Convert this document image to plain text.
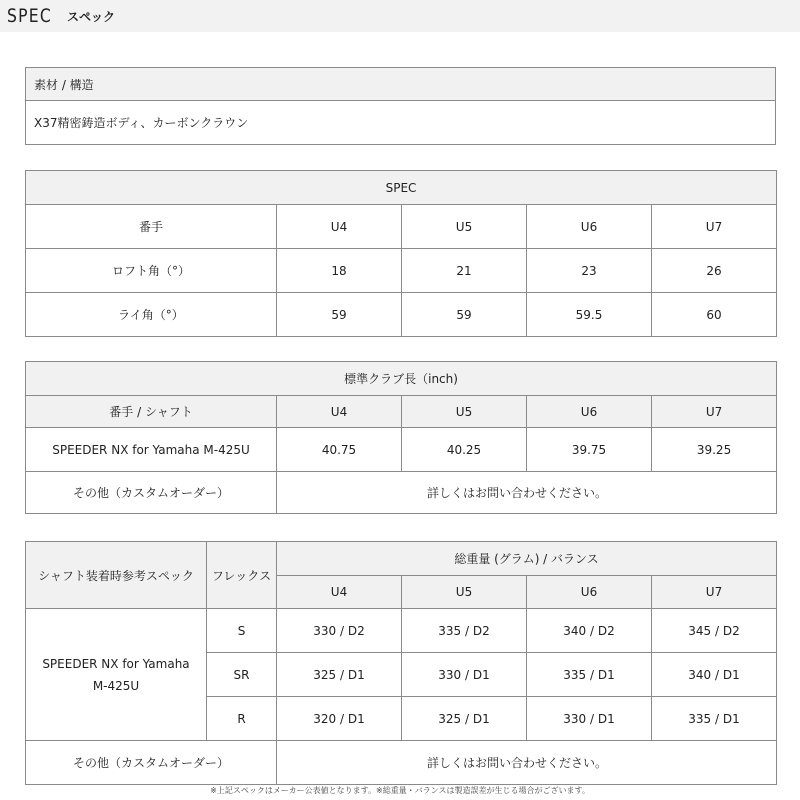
SPEC スペック
素材 / 構造
X37精密鋳造ボディ、カーボンクラウン
SPEC				
番手	U4	U5	U6	U7
ロフト角（°）	18	21	23	26
ライ角（°）	59	59	59.5	60
標準クラブ長（inch)				
番手 / シャフト	U4	U5	U6	U7
SPEEDER NX for Yamaha M-425U	40.75	40.25	39.75	39.25
その他（カスタムオーダー）	詳しくはお問い合わせください。			
シャフト装着時参考スペック	フレックス	総重量 (グラム) / バランス			
		U4	U5	U6	U7
SPEEDER NX for Yamaha
M-425U	S	330 / D2	335 / D2	340 / D2	345 / D2
	SR	325 / D1	330 / D1	335 / D1	340 / D1
	R	320 / D1	325 / D1	330 / D1	335 / D1
その他（カスタムオーダー）		詳しくはお問い合わせください。			
※上記スペックはメーカー公表値となります。※総重量・バランスは製造誤差が生じる場合がございます。
